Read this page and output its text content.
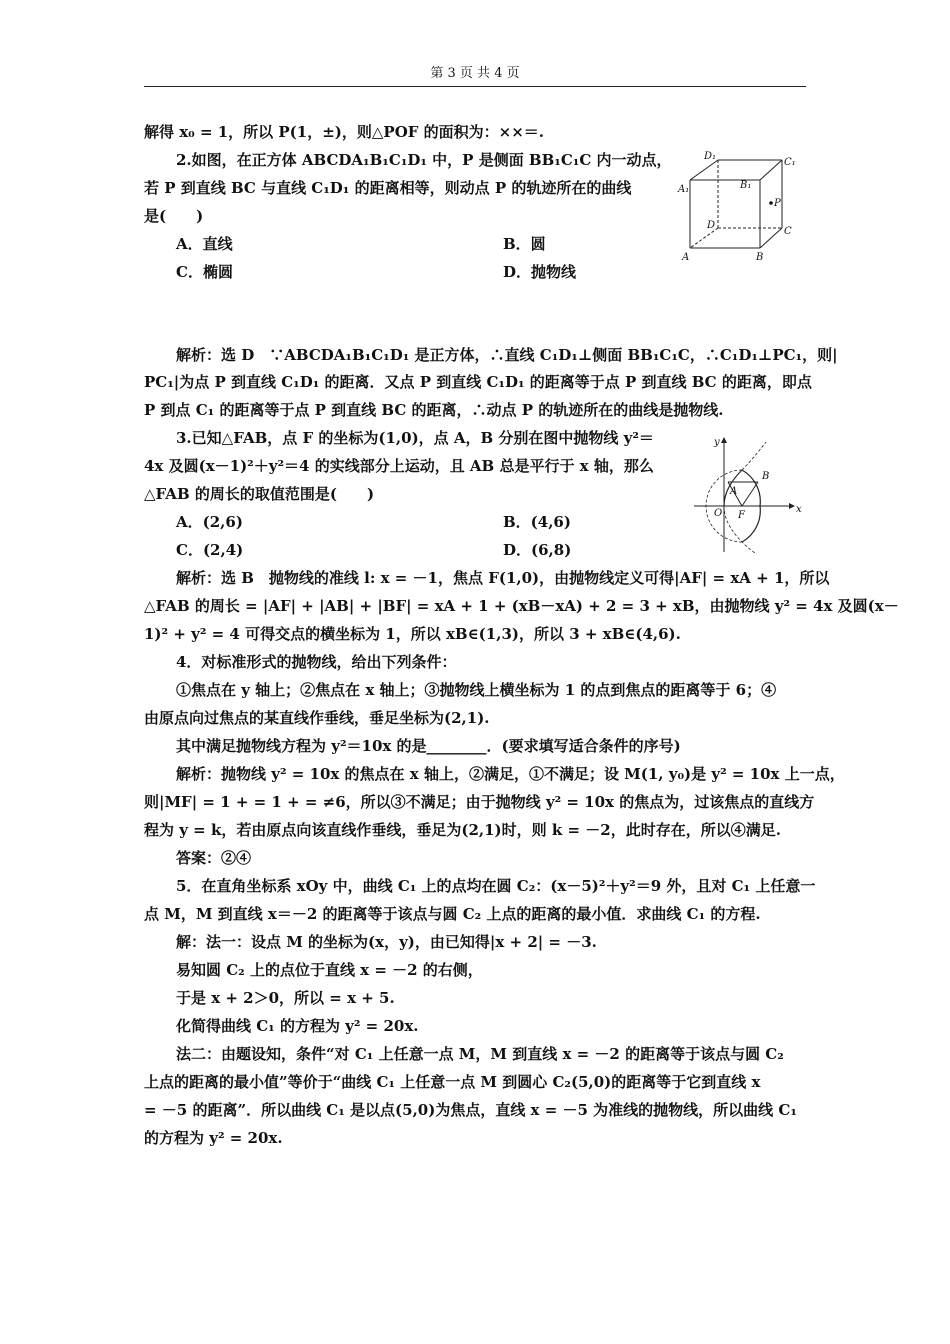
第 3 页 共 4 页
解得 x₀ = 1，所以 P(1，±)，则△POF 的面积为：××＝.
2.如图，在正方体 ABCDA₁B₁C₁D₁ 中，P 是侧面 BB₁C₁C 内一动点，
若 P 到直线 BC 与直线 C₁D₁ 的距离相等，则动点 P 的轨迹所在的曲线
是(　　)
A．直线	B．圆
C．椭圆	D．抛物线
D₁
C₁
A₁	B₁
P
D
C
A	B
解析：选 D　∵ABCDA₁B₁C₁D₁ 是正方体，∴直线 C₁D₁⊥侧面 BB₁C₁C，∴C₁D₁⊥PC₁，则|
PC₁|为点 P 到直线 C₁D₁ 的距离．又点 P 到直线 C₁D₁ 的距离等于点 P 到直线 BC 的距离，即点
P 到点 C₁ 的距离等于点 P 到直线 BC 的距离，∴动点 P 的轨迹所在的曲线是抛物线.
3.已知△FAB，点 F 的坐标为(1,0)，点 A，B 分别在图中抛物线 y²＝
4x 及圆(x－1)²＋y²＝4 的实线部分上运动，且 AB 总是平行于 x 轴，那么
△FAB 的周长的取值范围是(　　)
A．(2,6)	B．(4,6)
C．(2,4)	D．(6,8)
y
x
O F
A
B
解析：选 B　抛物线的准线 l: x = －1，焦点 F(1,0)，由抛物线定义可得|AF| = xA + 1，所以
△FAB 的周长 = |AF| + |AB| + |BF| = xA + 1 + (xB－xA) + 2 = 3 + xB，由抛物线 y² = 4x 及圆(x－
1)² + y² = 4 可得交点的横坐标为 1，所以 xB∈(1,3)，所以 3 + xB∈(4,6).
4．对标准形式的抛物线，给出下列条件：
①焦点在 y 轴上；②焦点在 x 轴上；③抛物线上横坐标为 1 的点到焦点的距离等于 6；④
由原点向过焦点的某直线作垂线，垂足坐标为(2,1).
其中满足抛物线方程为 y²＝10x 的是________．(要求填写适合条件的序号)
解析：抛物线 y² = 10x 的焦点在 x 轴上，②满足，①不满足；设 M(1, y₀)是 y² = 10x 上一点，
则|MF| = 1 + = 1 + = ≠6，所以③不满足；由于抛物线 y² = 10x 的焦点为，过该焦点的直线方
程为 y = k，若由原点向该直线作垂线，垂足为(2,1)时，则 k = －2，此时存在，所以④满足.
答案：②④
5．在直角坐标系 xOy 中，曲线 C₁ 上的点均在圆 C₂：(x－5)²＋y²＝9 外，且对 C₁ 上任意一
点 M，M 到直线 x＝－2 的距离等于该点与圆 C₂ 上点的距离的最小值．求曲线 C₁ 的方程.
解：法一：设点 M 的坐标为(x，y)，由已知得|x + 2| = －3.
易知圆 C₂ 上的点位于直线 x = －2 的右侧，
于是 x + 2＞0，所以 = x + 5.
化简得曲线 C₁ 的方程为 y² = 20x.
法二：由题设知，条件“对 C₁ 上任意一点 M，M 到直线 x = －2 的距离等于该点与圆 C₂
上点的距离的最小值”等价于“曲线 C₁ 上任意一点 M 到圆心 C₂(5,0)的距离等于它到直线 x
= －5 的距离”．所以曲线 C₁ 是以点(5,0)为焦点，直线 x = －5 为准线的抛物线，所以曲线 C₁
的方程为 y² = 20x.
